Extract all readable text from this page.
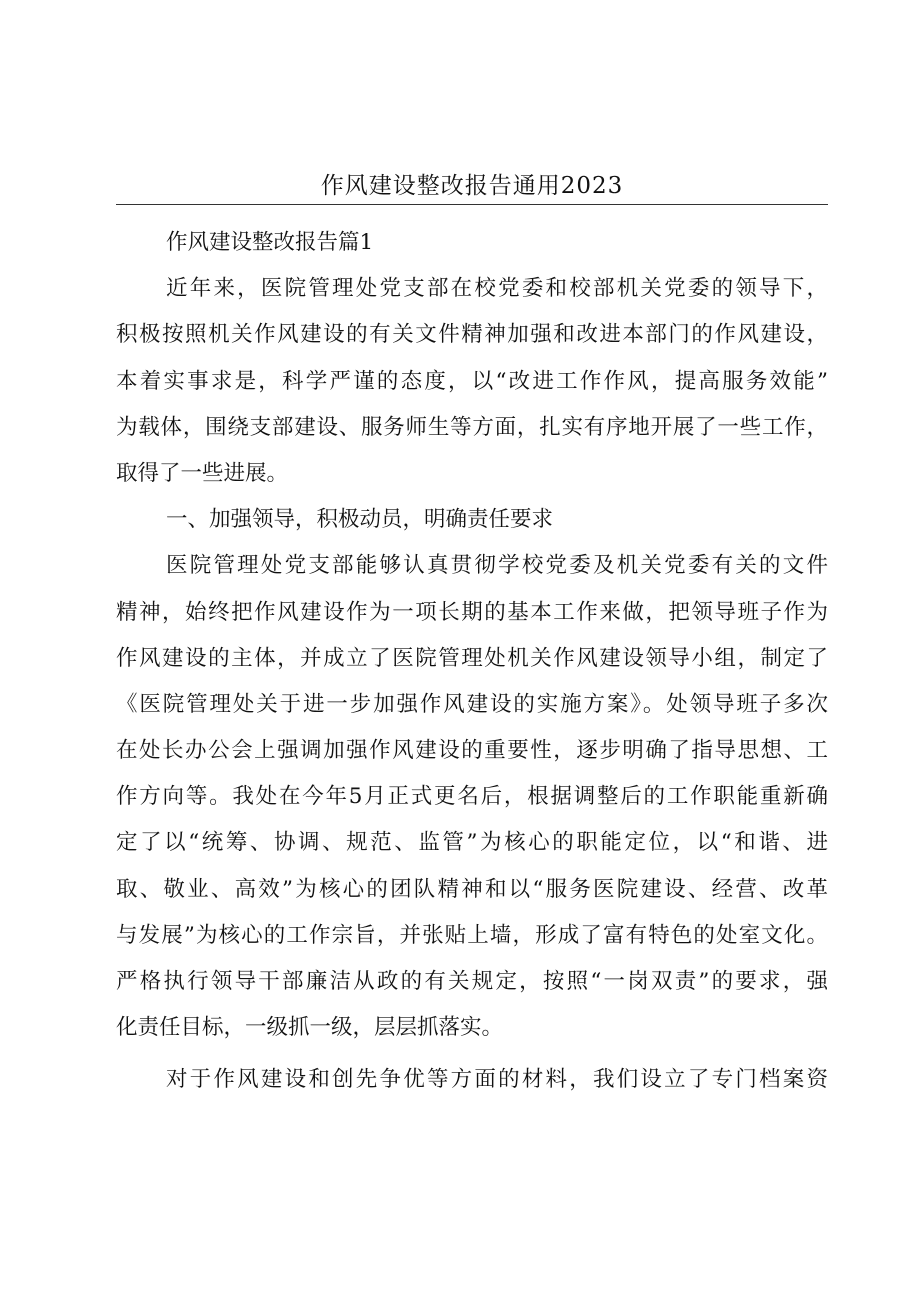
作风建设整改报告通用2023
作风建设整改报告篇1
近年来，医院管理处党支部在校党委和校部机关党委的领导下，
积极按照机关作风建设的有关文件精神加强和改进本部门的作风建设，
本着实事求是，科学严谨的态度，以“改进工作作风，提高服务效能”
为载体，围绕支部建设、服务师生等方面，扎实有序地开展了一些工作，
取得了一些进展。
一、加强领导，积极动员，明确责任要求
医院管理处党支部能够认真贯彻学校党委及机关党委有关的文件
精神，始终把作风建设作为一项长期的基本工作来做，把领导班子作为
作风建设的主体，并成立了医院管理处机关作风建设领导小组，制定了
《医院管理处关于进一步加强作风建设的实施方案》。处领导班子多次
在处长办公会上强调加强作风建设的重要性，逐步明确了指导思想、工
作方向等。我处在今年5月正式更名后，根据调整后的工作职能重新确
定了以“统筹、协调、规范、监管”为核心的职能定位，以“和谐、进
取、敬业、高效”为核心的团队精神和以“服务医院建设、经营、改革
与发展”为核心的工作宗旨，并张贴上墙，形成了富有特色的处室文化。
严格执行领导干部廉洁从政的有关规定，按照“一岗双责”的要求，强
化责任目标，一级抓一级，层层抓落实。
对于作风建设和创先争优等方面的材料，我们设立了专门档案资
